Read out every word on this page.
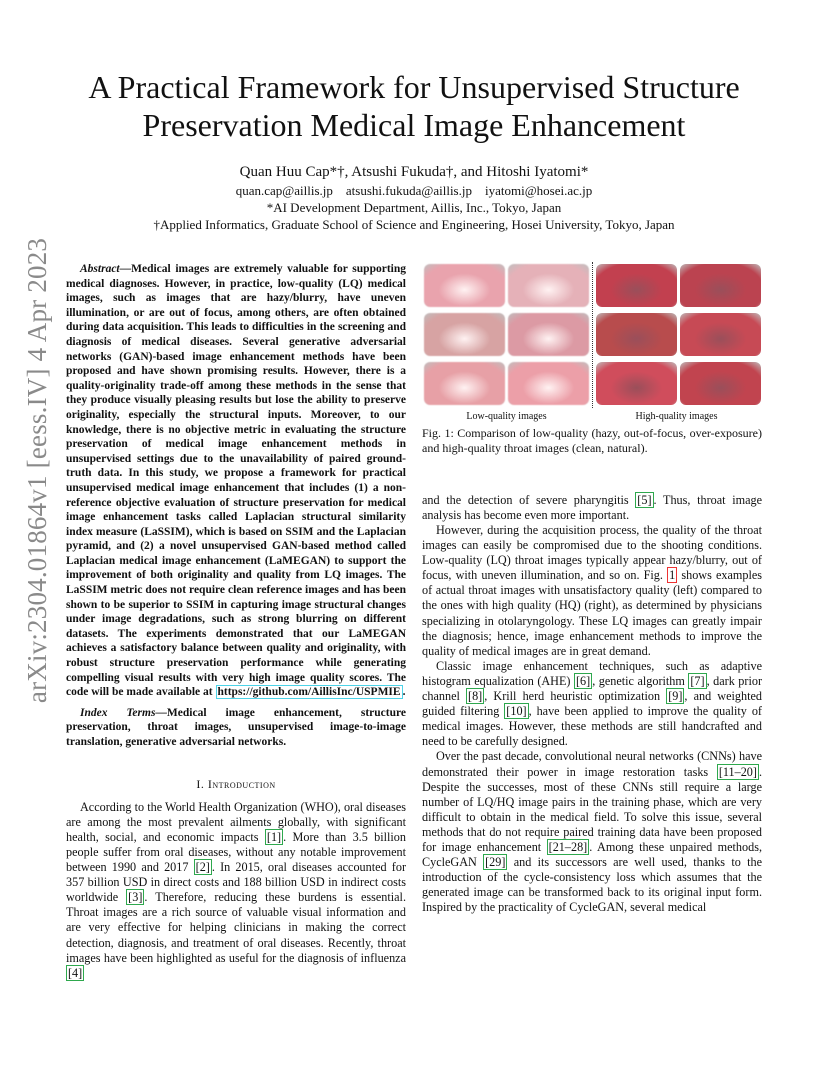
arXiv:2304.01864v1 [eess.IV] 4 Apr 2023
A Practical Framework for Unsupervised Structure Preservation Medical Image Enhancement
Quan Huu Cap*†, Atsushi Fukuda†, and Hitoshi Iyatomi*
quan.cap@aillis.jp    atsushi.fukuda@aillis.jp    iyatomi@hosei.ac.jp
*AI Development Department, Aillis, Inc., Tokyo, Japan
†Applied Informatics, Graduate School of Science and Engineering, Hosei University, Tokyo, Japan

Abstract—Medical images are extremely valuable for supporting medical diagnoses. However, in practice, low-quality (LQ) medical images, such as images that are hazy/blurry, have uneven illumination, or are out of focus, among others, are often obtained during data acquisition. This leads to difficulties in the screening and diagnosis of medical diseases. Several generative adversarial networks (GAN)-based image enhancement methods have been proposed and have shown promising results. However, there is a quality-originality trade-off among these methods in the sense that they produce visually pleasing results but lose the ability to preserve originality, especially the structural inputs. Moreover, to our knowledge, there is no objective metric in evaluating the structure preservation of medical image enhancement methods in unsupervised settings due to the unavailability of paired ground-truth data. In this study, we propose a framework for practical unsupervised medical image enhancement that includes (1) a non-reference objective evaluation of structure preservation for medical image enhancement tasks called Laplacian structural similarity index measure (LaSSIM), which is based on SSIM and the Laplacian pyramid, and (2) a novel unsupervised GAN-based method called Laplacian medical image enhancement (LaMEGAN) to support the improvement of both originality and quality from LQ images. The LaSSIM metric does not require clean reference images and has been shown to be superior to SSIM in capturing image structural changes under image degradations, such as strong blurring on different datasets. The experiments demonstrated that our LaMEGAN achieves a satisfactory balance between quality and originality, with robust structure preservation performance while generating compelling visual results with very high image quality scores. The code will be made available at https://github.com/AillisInc/USPMIE .

Index Terms—Medical image enhancement, structure preservation, throat images, unsupervised image-to-image translation, generative adversarial networks.

I. Introduction

According to the World Health Organization (WHO), oral diseases are among the most prevalent ailments globally, with significant health, social, and economic impacts [1] . More than 3.5 billion people suffer from oral diseases, without any notable improvement between 1990 and 2017 [2] . In 2015, oral diseases accounted for 357 billion USD in direct costs and 188 billion USD in indirect costs worldwide [3] . Therefore, reducing these burdens is essential. Throat images are a rich source of valuable visual information and are very effective for helping clinicians in making the correct detection, diagnosis, and treatment of oral diseases. Recently, throat images have been highlighted as useful for the diagnosis of influenza [4]

Low-quality images	High-quality images

Fig. 1: Comparison of low-quality (hazy, out-of-focus, over-exposure) and high-quality throat images (clean, natural).

and the detection of severe pharyngitis [5] . Thus, throat image analysis has become even more important.

However, during the acquisition process, the quality of the throat images can easily be compromised due to the shooting conditions. Low-quality (LQ) throat images typically appear hazy/blurry, out of focus, with uneven illumination, and so on. Fig. 1 shows examples of actual throat images with unsatisfactory quality (left) compared to the ones with high quality (HQ) (right), as determined by physicians specializing in otolaryngology. These LQ images can greatly impair the diagnosis; hence, image enhancement methods to improve the quality of medical images are in great demand.

Classic image enhancement techniques, such as adaptive histogram equalization (AHE) [6] , genetic algorithm [7] , dark prior channel [8] , Krill herd heuristic optimization [9] , and weighted guided filtering [10] , have been applied to improve the quality of medical images. However, these methods are still handcrafted and need to be carefully designed.

Over the past decade, convolutional neural networks (CNNs) have demonstrated their power in image restoration tasks [11–20] . Despite the successes, most of these CNNs still require a large number of LQ/HQ image pairs in the training phase, which are very difficult to obtain in the medical field. To solve this issue, several methods that do not require paired training data have been proposed for image enhancement [21–28] . Among these unpaired methods, CycleGAN [29] and its successors are well used, thanks to the introduction of the cycle-consistency loss which assumes that the generated image can be transformed back to its original input form. Inspired by the practicality of CycleGAN, several medical
